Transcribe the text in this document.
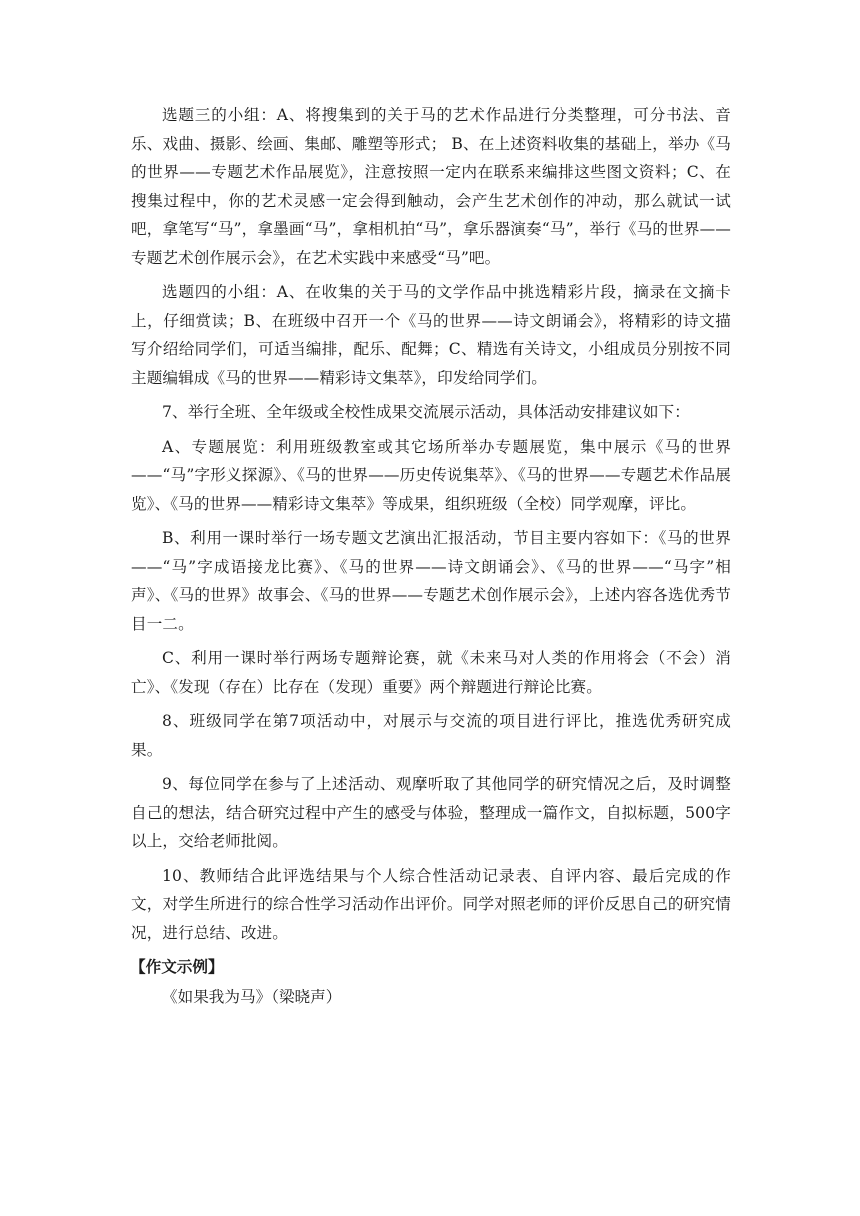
选题三的小组：A、将搜集到的关于马的艺术作品进行分类整理，可分书法、音乐、戏曲、摄影、绘画、集邮、雕塑等形式； B、在上述资料收集的基础上，举办《马的世界——专题艺术作品展览》，注意按照一定内在联系来编排这些图文资料；C、在搜集过程中，你的艺术灵感一定会得到触动，会产生艺术创作的冲动，那么就试一试吧，拿笔写“马”，拿墨画“马”，拿相机拍“马”，拿乐器演奏“马”，举行《马的世界——专题艺术创作展示会》，在艺术实践中来感受“马”吧。

选题四的小组：A、在收集的关于马的文学作品中挑选精彩片段，摘录在文摘卡上，仔细赏读；B、在班级中召开一个《马的世界——诗文朗诵会》，将精彩的诗文描写介绍给同学们，可适当编排，配乐、配舞；C、精选有关诗文，小组成员分别按不同主题编辑成《马的世界——精彩诗文集萃》，印发给同学们。

7、举行全班、全年级或全校性成果交流展示活动，具体活动安排建议如下：

A、专题展览：利用班级教室或其它场所举办专题展览，集中展示《马的世界——“马”字形义探源》、《马的世界——历史传说集萃》、《马的世界——专题艺术作品展览》、《马的世界——精彩诗文集萃》等成果，组织班级（全校）同学观摩，评比。

B、利用一课时举行一场专题文艺演出汇报活动，节目主要内容如下：《马的世界——“马”字成语接龙比赛》、《马的世界——诗文朗诵会》、《马的世界——“马字”相声》、《马的世界》故事会、《马的世界——专题艺术创作展示会》，上述内容各选优秀节目一二。

C、利用一课时举行两场专题辩论赛，就《未来马对人类的作用将会（不会）消亡》、《发现（存在）比存在（发现）重要》两个辩题进行辩论比赛。

8、班级同学在第7项活动中，对展示与交流的项目进行评比，推选优秀研究成果。

9、每位同学在参与了上述活动、观摩听取了其他同学的研究情况之后，及时调整自己的想法，结合研究过程中产生的感受与体验，整理成一篇作文，自拟标题，500字以上，交给老师批阅。

10、教师结合此评选结果与个人综合性活动记录表、自评内容、最后完成的作文，对学生所进行的综合性学习活动作出评价。同学对照老师的评价反思自己的研究情况，进行总结、改进。

【作文示例】

《如果我为马》（梁晓声）
